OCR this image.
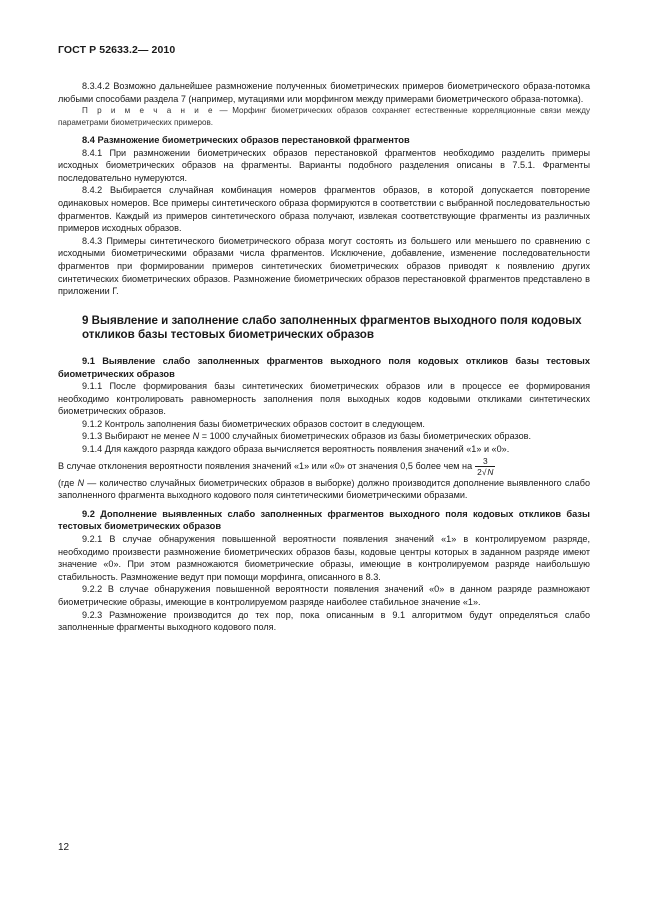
ГОСТ Р 52633.2— 2010

8.3.4.2 Возможно дальнейшее размножение полученных биометрических примеров биометрического образа-потомка любыми способами раздела 7 (например, мутациями или морфингом между примерами биометрического образа-потомка).

П р и м е ч а н и е — Морфинг биометрических образов сохраняет естественные корреляционные связи между параметрами биометрических примеров.

8.4 Размножение биометрических образов перестановкой фрагментов

8.4.1 При размножении биометрических образов перестановкой фрагментов необходимо разделить примеры исходных биометрических образов на фрагменты. Варианты подобного разделения описаны в 7.5.1. Фрагменты последовательно нумеруются.

8.4.2 Выбирается случайная комбинация номеров фрагментов образов, в которой допускается повторение одинаковых номеров. Все примеры синтетического образа формируются в соответствии с выбранной последовательностью фрагментов. Каждый из примеров синтетического образа получают, извлекая соответствующие фрагменты из различных примеров исходных образов.

8.4.3 Примеры синтетического биометрического образа могут состоять из большего или меньшего по сравнению с исходными биометрическими образами числа фрагментов. Исключение, добавление, изменение последовательности фрагментов при формировании примеров синтетических биометрических образов приводят к появлению других синтетических биометрических образов. Размножение биометрических образов перестановкой фрагментов представлено в приложении Г.

9 Выявление и заполнение слабо заполненных фрагментов выходного поля кодовых откликов базы тестовых биометрических образов
9.1 Выявление слабо заполненных фрагментов выходного поля кодовых откликов базы тестовых биометрических образов

9.1.1 После формирования базы синтетических биометрических образов или в процессе ее формирования необходимо контролировать равномерность заполнения поля выходных кодов кодовыми откликами синтетических биометрических образов.

9.1.2 Контроль заполнения базы биометрических образов состоит в следующем.

9.1.3 Выбирают не менее N = 1000 случайных биометрических образов из базы биометрических образов.

9.1.4 Для каждого разряда каждого образа вычисляется вероятность появления значений «1» и «0».

В случае отклонения вероятности появления значений «1» или «0» от значения 0,5 более чем на $\frac{3}{2√N}$

(где N — количество случайных биометрических образов в выборке) должно производится дополнение выявленного слабо заполненного фрагмента выходного кодового поля синтетическими биометрическими образами.

9.2 Дополнение выявленных слабо заполненных фрагментов выходного поля кодовых откликов базы тестовых биометрических образов

9.2.1 В случае обнаружения повышенной вероятности появления значений «1» в контролируемом разряде, необходимо произвести размножение биометрических образов базы, кодовые центры которых в заданном разряде имеют значение «0». При этом размножаются биометрические образы, имеющие в контролируемом разряде наибольшую стабильность. Размножение ведут при помощи морфинга, описанного в 8.3.

9.2.2 В случае обнаружения повышенной вероятности появления значений «0» в данном разряде размножают биометрические образы, имеющие в контролируемом разряде наиболее стабильное значение «1».

9.2.3 Размножение производится до тех пор, пока описанным в 9.1 алгоритмом будут определяться слабо заполненные фрагменты выходного кодового поля.

12
